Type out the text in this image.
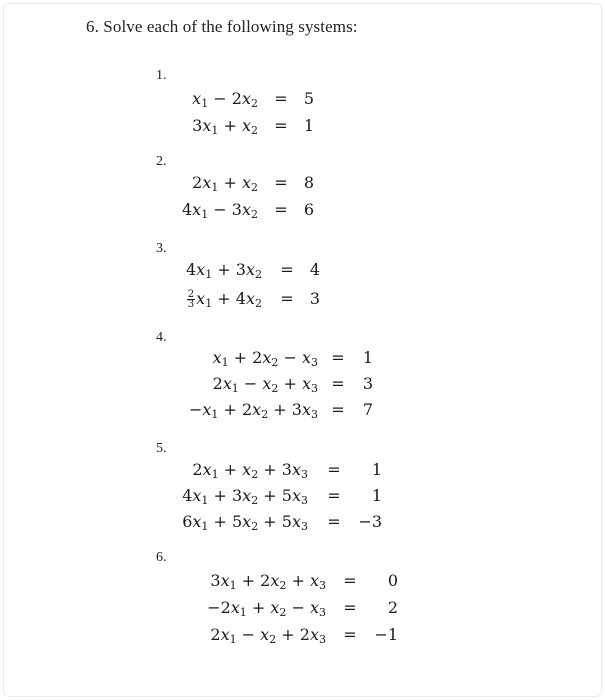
6. Solve each of the following systems:
1.
$x_1 - 2x_2 = 5$
$3x_1 + x_2 = 1$
2.
$2x_1 + x_2 = 8$
$4x_1 - 3x_2 = 6$
3.
$4x_1 + 3x_2 = 4$
$\frac{2}{3} x_1 + 4x_2 = 3$
4.
$x_1 + 2x_2 - x_3 = 1$
$2x_1 - x_2 + x_3 = 3$
$-x_1 + 2x_2 + 3x_3 = 7$
5.
$2x_1 + x_2 + 3x_3 = 1$
$4x_1 + 3x_2 + 5x_3 = 1$
$6x_1 + 5x_2 + 5x_3 = -3$
6.
$3x_1 + 2x_2 + x_3 = 0$
$-2x_1 + x_2 - x_3 = 2$
$2x_1 - x_2 + 2x_3 = -1$
